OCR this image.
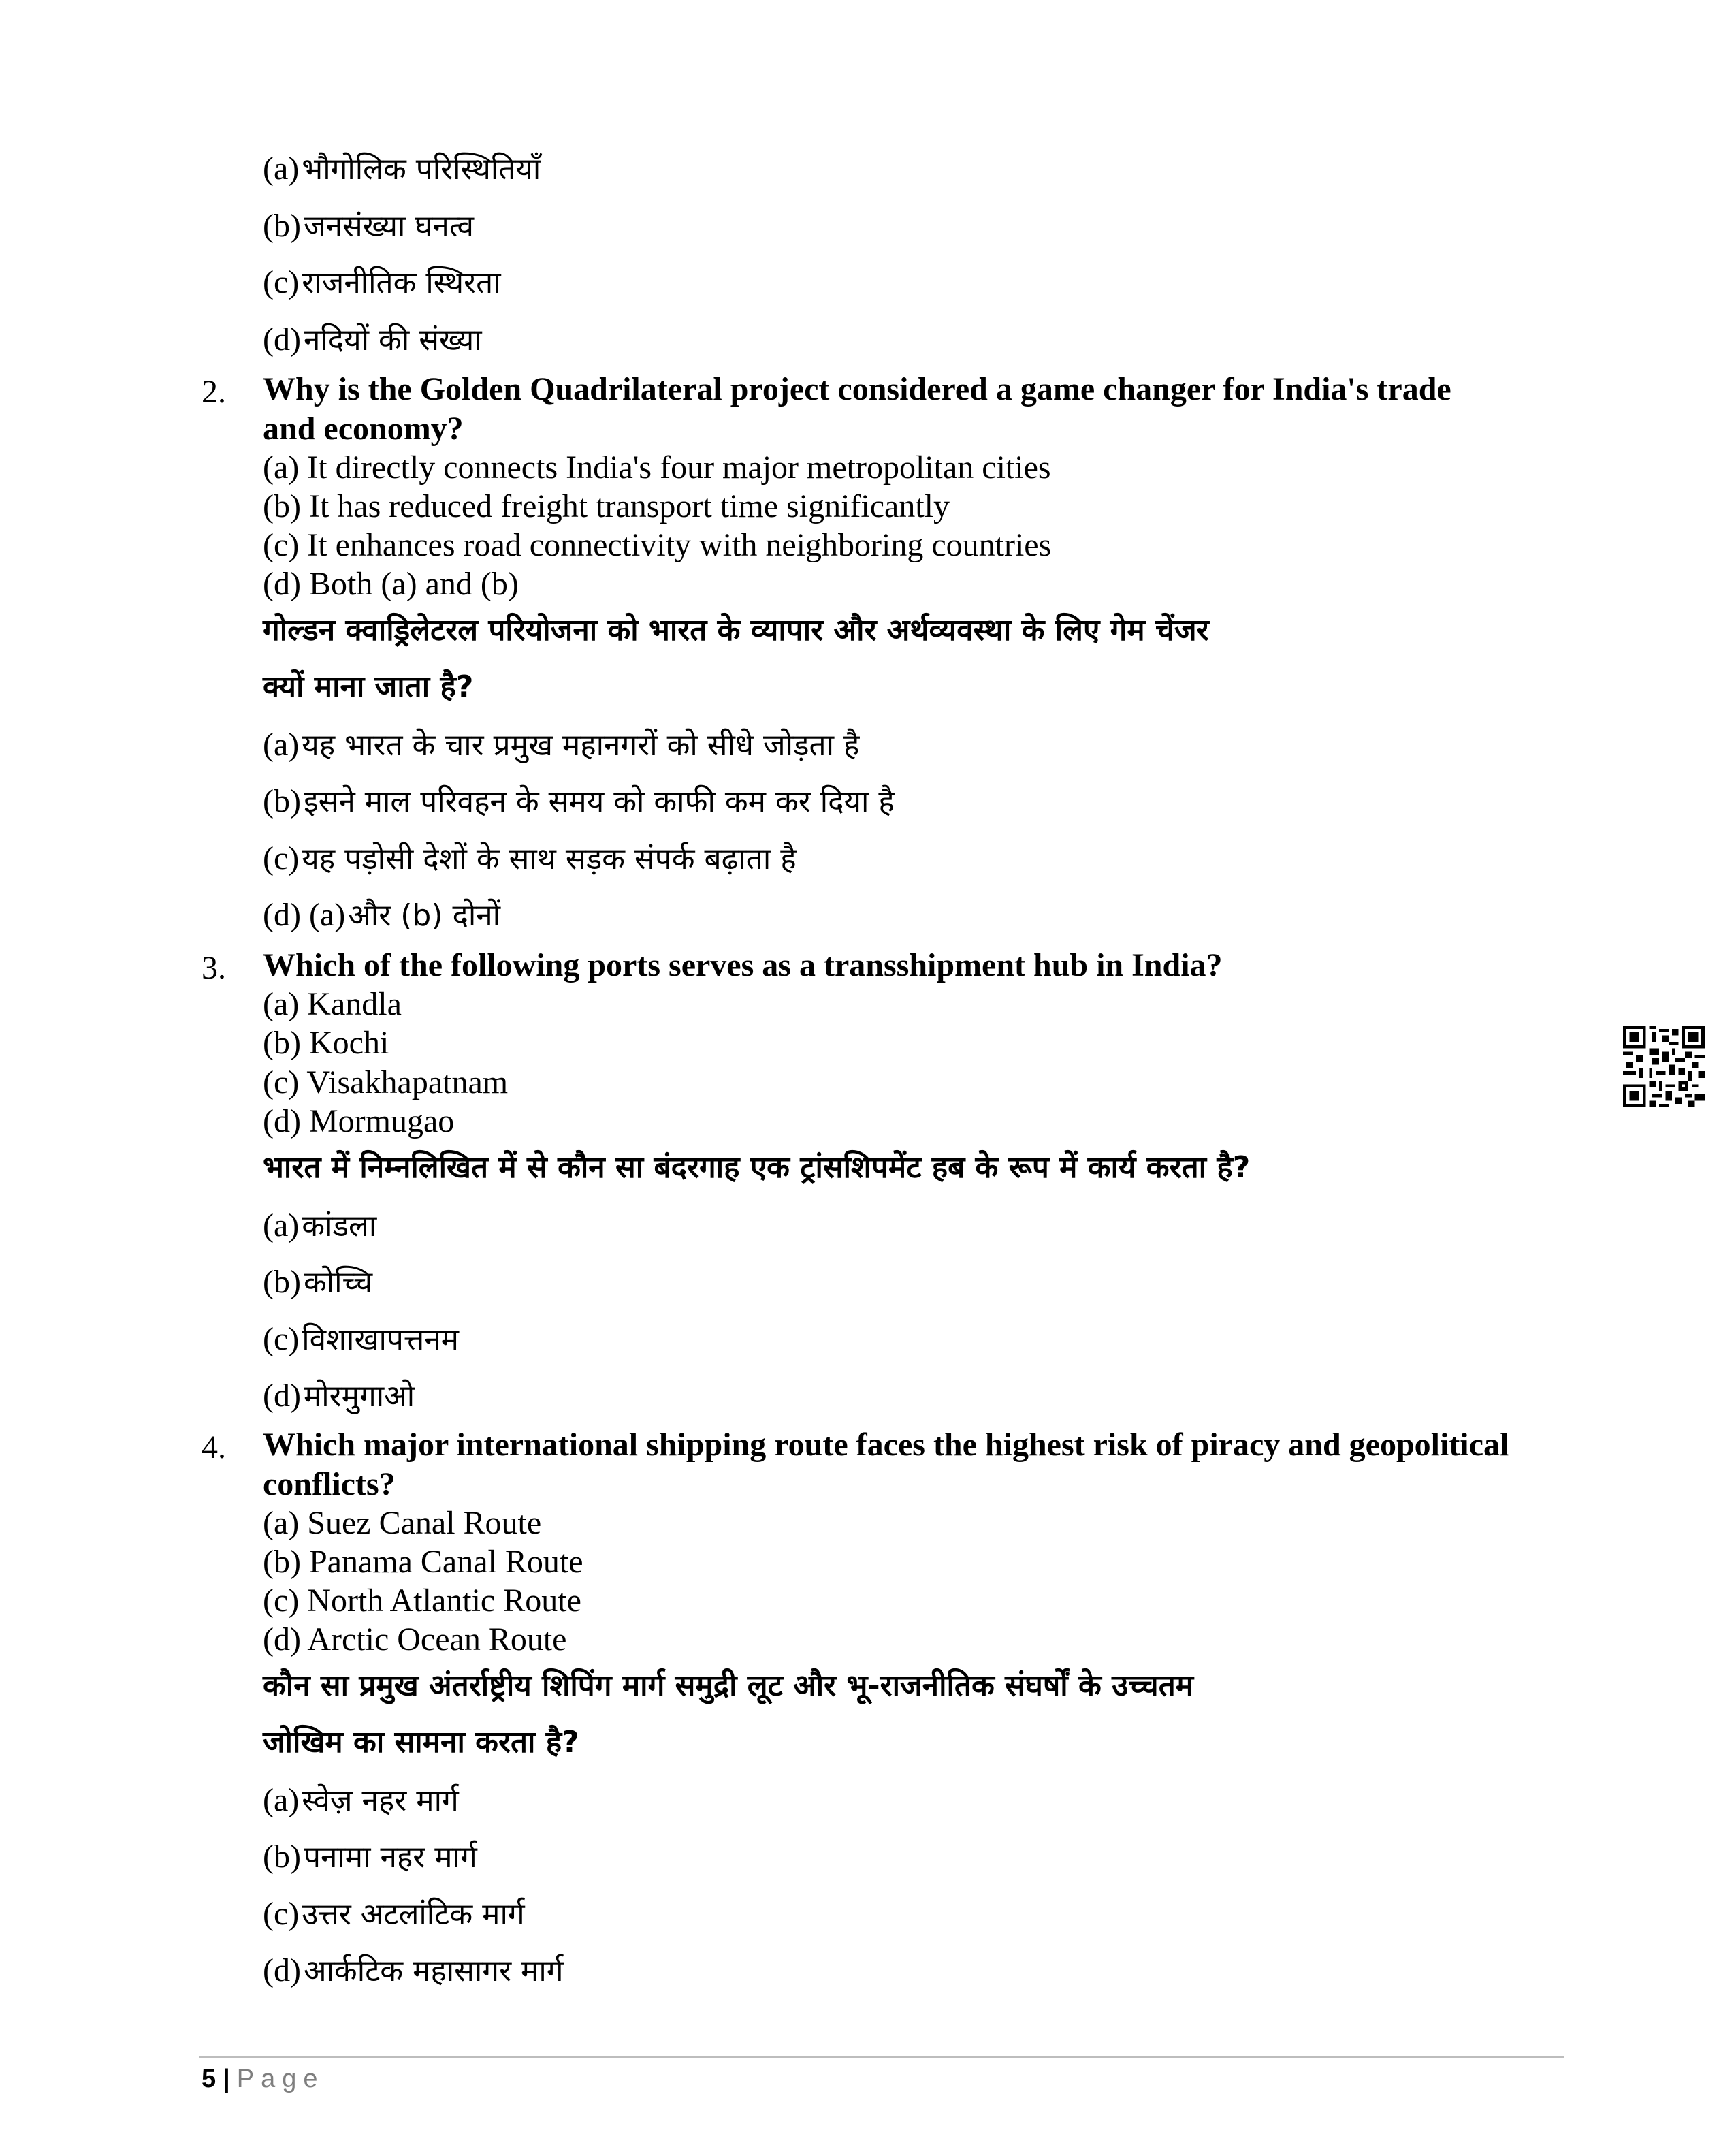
(a) भौगोलिक परिस्थितियाँ
(b) जनसंख्या घनत्व
(c) राजनीतिक स्थिरता
(d) नदियों की संख्या
2. Why is the Golden Quadrilateral project considered a game changer for India's trade
and economy?
(a) It directly connects India's four major metropolitan cities
(b) It has reduced freight transport time significantly
(c) It enhances road connectivity with neighboring countries
(d) Both (a) and (b)
गोल्डन क्वाड्रिलेटरल परियोजना को भारत के व्यापार और अर्थव्यवस्था के लिए गेम चेंजर
क्यों माना जाता है?
(a) यह भारत के चार प्रमुख महानगरों को सीधे जोड़ता है
(b) इसने माल परिवहन के समय को काफी कम कर दिया है
(c) यह पड़ोसी देशों के साथ सड़क संपर्क बढ़ाता है
(d) (a) और (b) दोनों
3. Which of the following ports serves as a transshipment hub in India?
(a) Kandla
(b) Kochi
(c) Visakhapatnam
(d) Mormugao
भारत में निम्नलिखित में से कौन सा बंदरगाह एक ट्रांसशिपमेंट हब के रूप में कार्य करता है?
(a) कांडला
(b) कोच्चि
(c) विशाखापत्तनम
(d) मोरमुगाओ
4. Which major international shipping route faces the highest risk of piracy and geopolitical
conflicts?
(a) Suez Canal Route
(b) Panama Canal Route
(c) North Atlantic Route
(d) Arctic Ocean Route
कौन सा प्रमुख अंतर्राष्ट्रीय शिपिंग मार्ग समुद्री लूट और भू-राजनीतिक संघर्षों के उच्चतम
जोखिम का सामना करता है?
(a) स्वेज़ नहर मार्ग
(b) पनामा नहर मार्ग
(c) उत्तर अटलांटिक मार्ग
(d) आर्कटिक महासागर मार्ग
5 | Page
